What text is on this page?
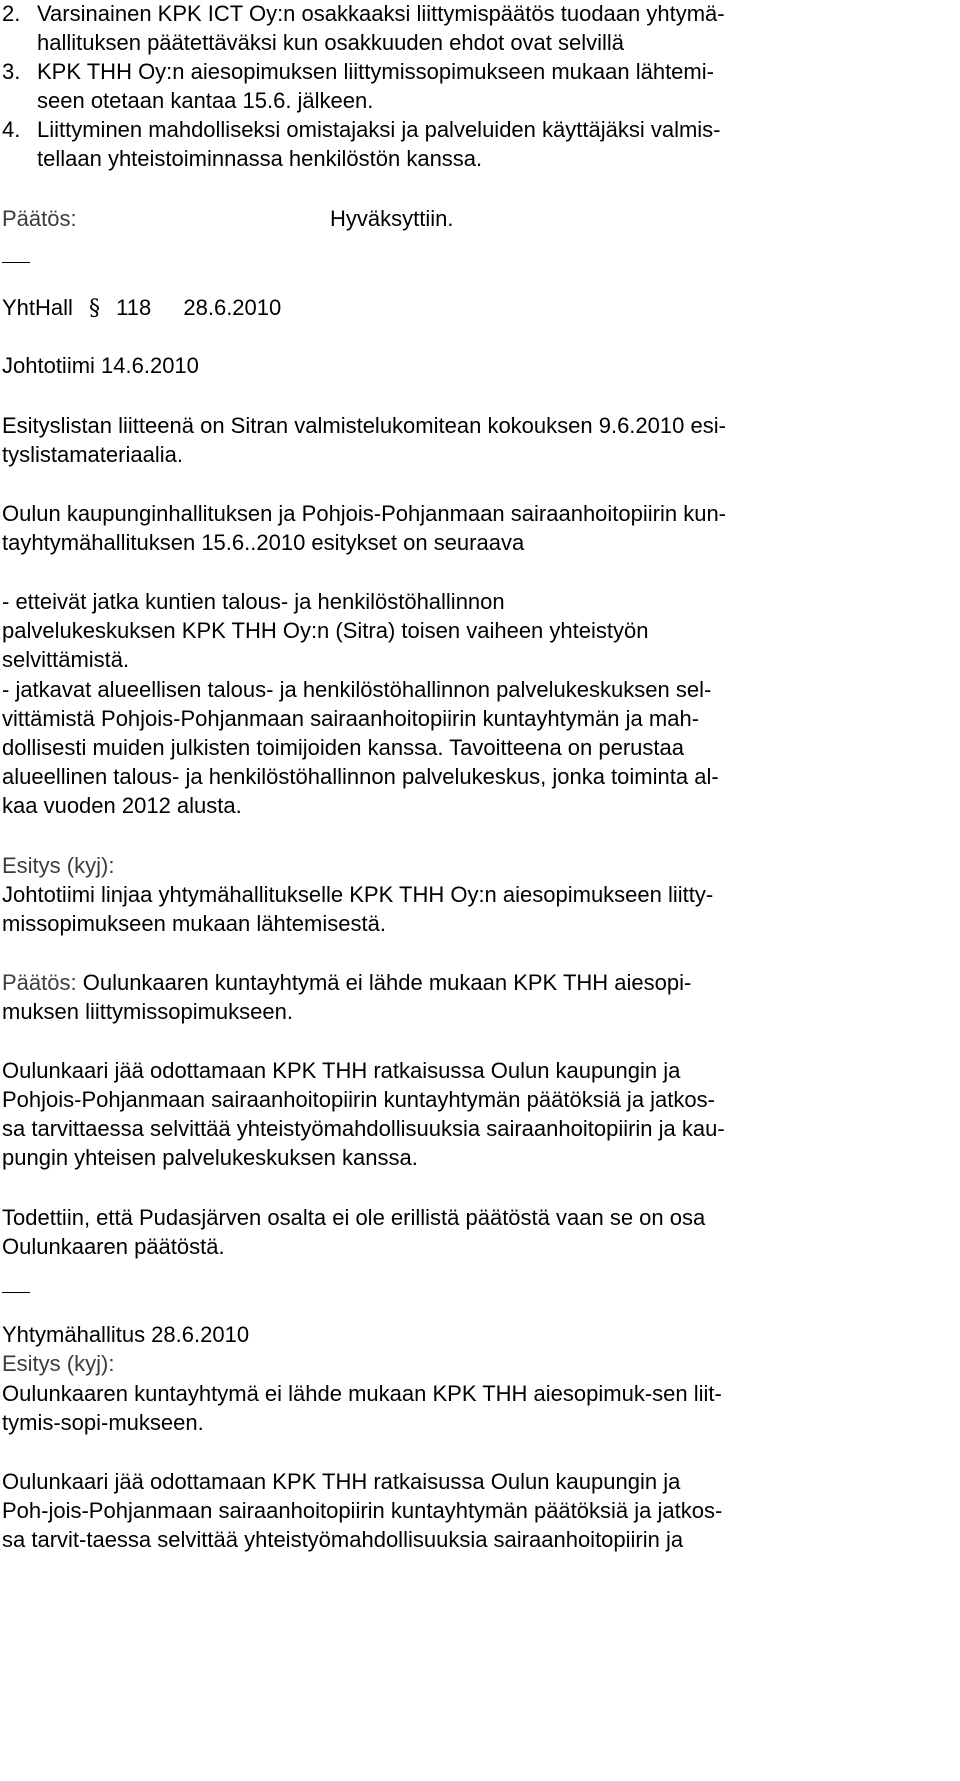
2. Varsinainen KPK ICT Oy:n osakkaaksi liittymispäätös tuodaan yhtymä-
hallituksen päätettäväksi kun osakkuuden ehdot ovat selvillä
3. KPK THH Oy:n aiesopimuksen liittymissopimukseen mukaan lähtemi-
seen otetaan kantaa 15.6. jälkeen.
4. Liittyminen mahdolliseksi omistajaksi ja palveluiden käyttäjäksi valmis-
tellaan yhteistoiminnassa henkilöstön kanssa.
Päätös:	Hyväksyttiin.
YhtHall § 118 28.6.2010
Johtotiimi 14.6.2010
Esityslistan liitteenä on Sitran valmistelukomitean kokouksen 9.6.2010 esi-
tyslistamateriaalia.
Oulun kaupunginhallituksen ja Pohjois-Pohjanmaan sairaanhoitopiirin kun-
tayhtymähallituksen 15.6..2010 esitykset on seuraava
- etteivät jatka kuntien talous- ja henkilöstöhallinnon
palvelukeskuksen KPK THH Oy:n (Sitra) toisen vaiheen yhteistyön
selvittämistä.
- jatkavat alueellisen talous- ja henkilöstöhallinnon palvelukeskuksen sel-
vittämistä Pohjois-Pohjanmaan sairaanhoitopiirin kuntayhtymän ja mah-
dollisesti muiden julkisten toimijoiden kanssa. Tavoitteena on perustaa
alueellinen talous- ja henkilöstöhallinnon palvelukeskus, jonka toiminta al-
kaa vuoden 2012 alusta.
Esitys (kyj):
Johtotiimi linjaa yhtymähallitukselle KPK THH Oy:n aiesopimukseen liitty-
missopimukseen mukaan lähtemisestä.
Päätös: Oulunkaaren kuntayhtymä ei lähde mukaan KPK THH aiesopi-
muksen liittymissopimukseen.
Oulunkaari jää odottamaan KPK THH ratkaisussa Oulun kaupungin ja
Pohjois-Pohjanmaan sairaanhoitopiirin kuntayhtymän päätöksiä ja jatkos-
sa tarvittaessa selvittää yhteistyömahdollisuuksia sairaanhoitopiirin ja kau-
pungin yhteisen palvelukeskuksen kanssa.
Todettiin, että Pudasjärven osalta ei ole erillistä päätöstä vaan se on osa
Oulunkaaren päätöstä.
Yhtymähallitus 28.6.2010
Esitys (kyj):
Oulunkaaren kuntayhtymä ei lähde mukaan KPK THH aiesopimuk-sen liit-
tymis-sopi-mukseen.
Oulunkaari jää odottamaan KPK THH ratkaisussa Oulun kaupungin ja
Poh-jois-Pohjanmaan sairaanhoitopiirin kuntayhtymän päätöksiä ja jatkos-
sa tarvit-taessa selvittää yhteistyömahdollisuuksia sairaanhoitopiirin ja
